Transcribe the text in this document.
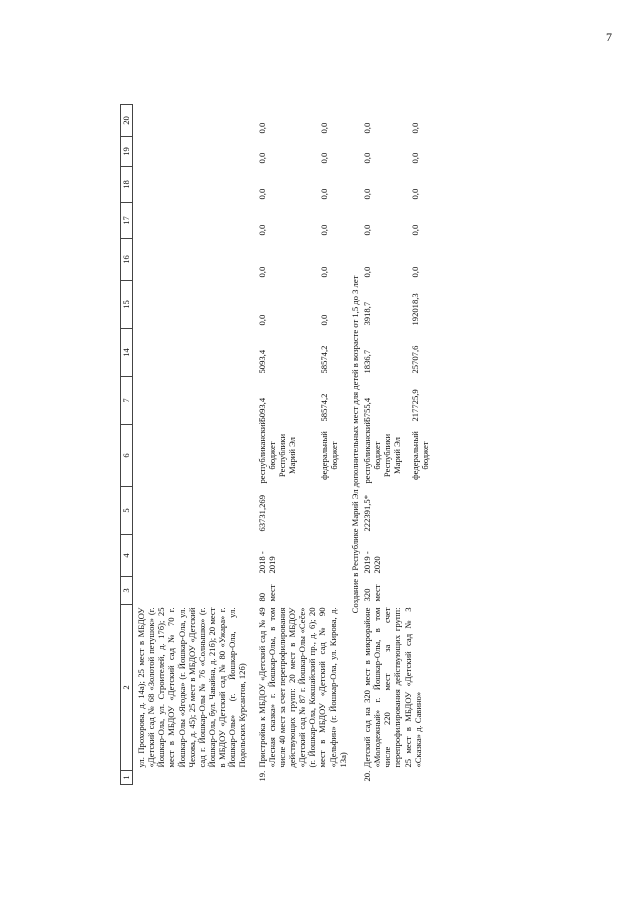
7
1	2	3	4	5	6	7	14	15	16	17	18	19	20
	ул. Прохорова, д. 14а); 25 мест в МБДОУ «Детский сад № 68 «Золотой петушок» (г. Йошкар-Ола, ул. Строителей, д. 17б); 25 мест в МБДОУ «Детский сад № 70 г. Йошкар-Олы «Ягодка» (г. Йошкар-Ола, ул. Чехова, д. 45); 25 мест в МБДОУ «Детский сад г. Йошкар-Олы № 76 «Солнышко» (г. Йошкар-Ола, бул. Чавайна, д. 21б); 20 мест в МБДОУ «Детский сад № 80 «Ужара» г. Йошкар-Олы» (г. Йошкар-Ола, ул. Подольских Курсантов, 12б)												
19.	Пристройка к МБДОУ «Детский сад № 49 «Лесная сказка» г. Йошкар-Олы, в том числе 40 мест за счет перепрофилирования действующих групп: 20 мест в МБДОУ «Детский сад № 87 г. Йошкар-Олы «Сеče» (г. Йошкар-Ола, Кокшайский пр., д. 6); 20 мест в МБДОУ «Детский сад № 90 «Дельфин» (г. Йошкар-Ола, ул. Кирова, д. 13а)	80 мест	2018 - 2019	63731,269	республиканский бюджет Республики Марий Эл	5093,4	5093,4	0,0	0,0	0,0	0,0	0,0	0,0
					федеральный бюджет	58574,2	58574,2	0,0	0,0	0,0	0,0	0,0	0,0
Создание в Республике Марий Эл дополнительных мест для детей в возрасте от 1,5 до 3 лет													
20.	Детский сад на 320 мест в микрорайоне «Молодежный» г. Йошкар-Олы, в том числе 220 мест за счет перепрофилирования действующих групп: 25 мест в МБДОУ «Детский сад № 3 «Сказка» д. Савино»	320 мест	2019 - 2020	222391,5*	республиканский бюджет Республики Марий Эл	5755,4	1836,7	3918,7	0,0	0,0	0,0	0,0	0,0
					федеральный бюджет	217725,9	25707,6	192018,3	0,0	0,0	0,0	0,0	0,0
